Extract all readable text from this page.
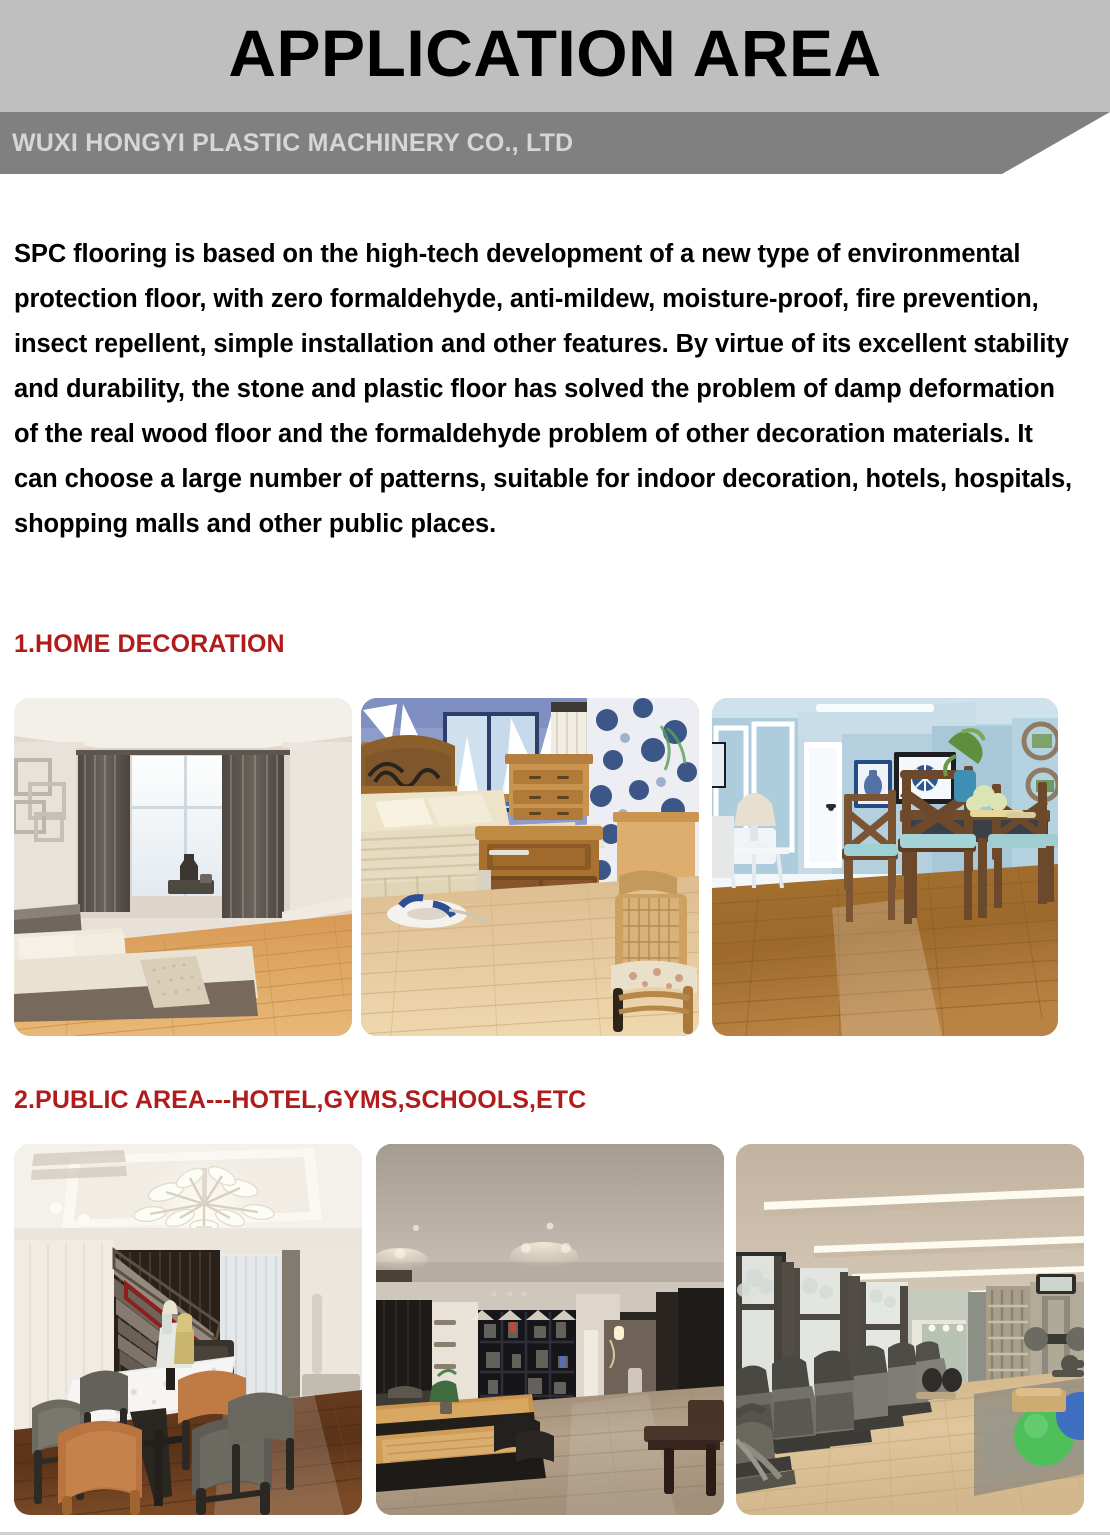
APPLICATION AREA
WUXI HONGYI PLASTIC MACHINERY CO., LTD
SPC flooring is based on the high-tech development of a new type of environmental protection floor, with zero formaldehyde, anti-mildew, moisture-proof, fire prevention, insect repellent, simple installation and other features. By virtue of its excellent stability and durability, the stone and plastic floor has solved the problem of damp deformation of the real wood floor and the formaldehyde problem of other decoration materials. It can choose a large number of patterns, suitable for indoor decoration, hotels, hospitals, shopping malls and other public places.
1.HOME DECORATION
2.PUBLIC AREA---HOTEL,GYMS,SCHOOLS,ETC
